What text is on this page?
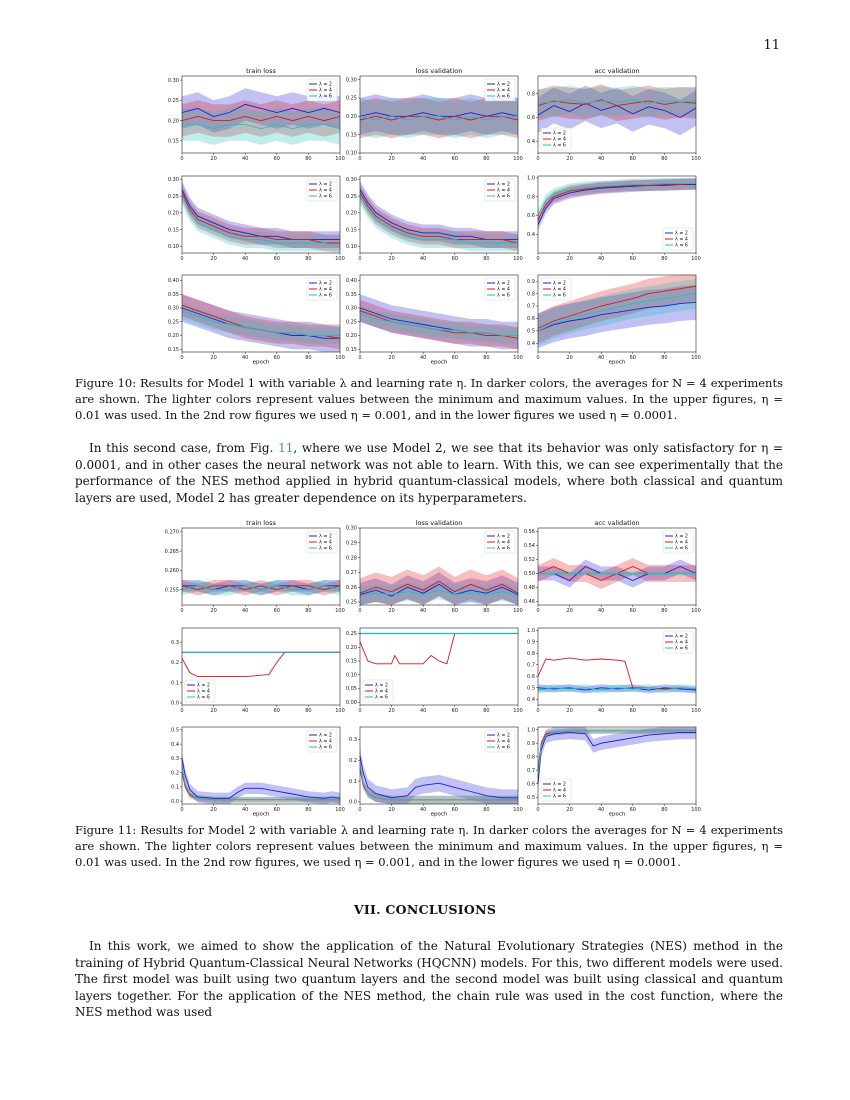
11
train loss
0	20	40	60	80	100
0.15
0.20
0.25
0.30
λ = 2
λ = 4
λ = 6
loss validation
0	20	40	60	80	100
0.10
0.15
0.20
0.25
0.30
λ = 2
λ = 4
λ = 6
acc validation
0	20	40	60	80	100
0.4
0.6
0.8
λ = 2
λ = 4
λ = 6
0	20	40	60	80	100
0.10
0.15
0.20
0.25
0.30
λ = 2
λ = 4
λ = 6
0	20	40	60	80	100
0.10
0.15
0.20
0.25
0.30
λ = 2
λ = 4
λ = 6
0	20	40	60	80	100
0.4
0.6
0.8
1.0
λ = 2
λ = 4
λ = 6
0	20	40	60	80	100
0.15
0.20
0.25
0.30
0.35
0.40
epoch
λ = 2
λ = 4
λ = 6
0	20	40	60	80	100
0.15
0.20
0.25
0.30
0.35
0.40
epoch
λ = 2
λ = 4
λ = 6
0	20	40	60	80	100
0.4
0.5
0.6
0.7
0.8
0.9
epoch
λ = 2
λ = 4
λ = 6

Figure 10: Results for Model 1 with variable λ and learning rate η. In darker colors, the averages for N = 4 experiments are shown. The lighter colors represent values between the minimum and maximum values. In the upper figures, η = 0.01 was used. In the 2nd row figures we used η = 0.001, and in the lower figures we used η = 0.0001.

In this second case, from Fig. 11, where we use Model 2, we see that its behavior was only satisfactory for η = 0.0001, and in other cases the neural network was not able to learn. With this, we can see experimentally that the performance of the NES method applied in hybrid quantum-classical models, where both classical and quantum layers are used, Model 2 has greater dependence on its hyperparameters.

train loss
0	20	40	60	80	100
0.255
0.260
0.265
0.270
λ = 2
λ = 4
λ = 6
loss validation
0	20	40	60	80	100
0.25
0.26
0.27
0.28
0.29
0.30
λ = 2
λ = 4
λ = 6
acc validation
0	20	40	60	80	100
0.46
0.48
0.50
0.52
0.54
0.56
λ = 2
λ = 4
λ = 6
0	20	40	60	80	100
0.0
0.1
0.2
0.3
λ = 2
λ = 4
λ = 6
0	20	40	60	80	100
0.00
0.05
0.10
0.15
0.20
0.25
λ = 2
λ = 4
λ = 6
0	20	40	60	80	100
0.4
0.5
0.6
0.7
0.8
0.9
1.0
λ = 2
λ = 4
λ = 6
0	20	40	60	80	100
0.0
0.1
0.2
0.3
0.4
0.5
epoch
λ = 2
λ = 4
λ = 6
0	20	40	60	80	100
0.0
0.1
0.2
0.3
epoch
λ = 2
λ = 4
λ = 6
0	20	40	60	80	100
0.5
0.6
0.7
0.8
0.9
1.0
epoch
λ = 2
λ = 4
λ = 6

Figure 11: Results for Model 2 with variable λ and learning rate η. In darker colors the averages for N = 4 experiments are shown. The lighter colors represent values between the minimum and maximum values. In the upper figures, η = 0.01 was used. In the 2nd row figures, we used η = 0.001, and in the lower figures we used η = 0.0001.

VII. CONCLUSIONS

In this work, we aimed to show the application of the Natural Evolutionary Strategies (NES) method in the training of Hybrid Quantum-Classical Neural Networks (HQCNN) models. For this, two different models were used. The first model was built using two quantum layers and the second model was built using classical and quantum layers together. For the application of the NES method, the chain rule was used in the cost function, where the NES method was used
